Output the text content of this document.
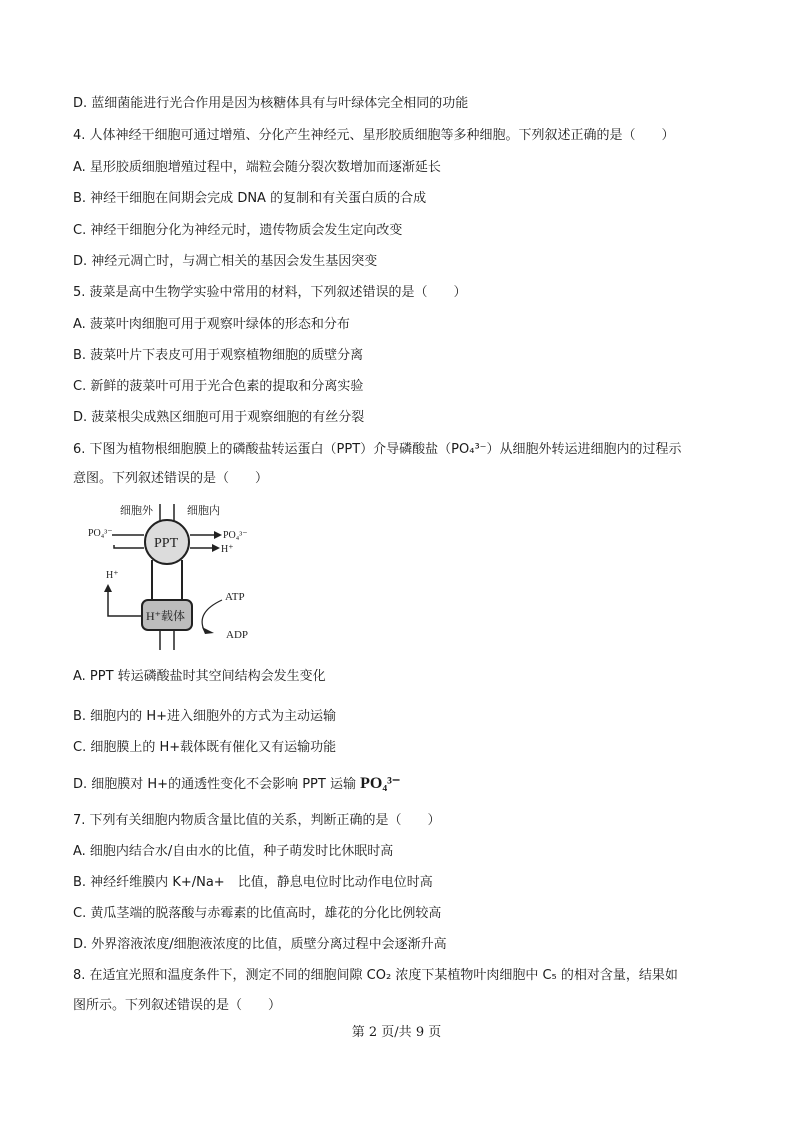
D. 蓝细菌能进行光合作用是因为核糖体具有与叶绿体完全相同的功能
4. 人体神经干细胞可通过增殖、分化产生神经元、星形胶质细胞等多种细胞。下列叙述正确的是（　　）
A. 星形胶质细胞增殖过程中，端粒会随分裂次数增加而逐渐延长
B. 神经干细胞在间期会完成 DNA 的复制和有关蛋白质的合成
C. 神经干细胞分化为神经元时，遗传物质会发生定向改变
D. 神经元凋亡时，与凋亡相关的基因会发生基因突变
5. 菠菜是高中生物学实验中常用的材料，下列叙述错误的是（　　）
A. 菠菜叶肉细胞可用于观察叶绿体的形态和分布
B. 菠菜叶片下表皮可用于观察植物细胞的质壁分离
C. 新鲜的菠菜叶可用于光合色素的提取和分离实验
D. 菠菜根尖成熟区细胞可用于观察细胞的有丝分裂
6. 下图为植物根细胞膜上的磷酸盐转运蛋白（PPT）介导磷酸盐（PO₄³⁻）从细胞外转运进细胞内的过程示
意图。下列叙述错误的是（　　）
细胞外	细胞内
PPT
PO₄³⁻	PO₄³⁻
H⁺
H⁺
H⁺载体
ATP
ADP
A. PPT 转运磷酸盐时其空间结构会发生变化
B. 细胞内的 H+进入细胞外的方式为主动运输
C. 细胞膜上的 H+载体既有催化又有运输功能
D. 细胞膜对 H+的通透性变化不会影响 PPT 运输 PO₄³⁻
7. 下列有关细胞内物质含量比值的关系，判断正确的是（　　）
A. 细胞内结合水/自由水的比值，种子萌发时比休眠时高
B. 神经纤维膜内 K+/Na+　比值，静息电位时比动作电位时高
C. 黄瓜茎端的脱落酸与赤霉素的比值高时，雄花的分化比例较高
D. 外界溶液浓度/细胞液浓度的比值，质壁分离过程中会逐渐升高
8. 在适宜光照和温度条件下，测定不同的细胞间隙 CO₂ 浓度下某植物叶肉细胞中 C₅ 的相对含量，结果如
图所示。下列叙述错误的是（　　）
第 2 页/共 9 页
